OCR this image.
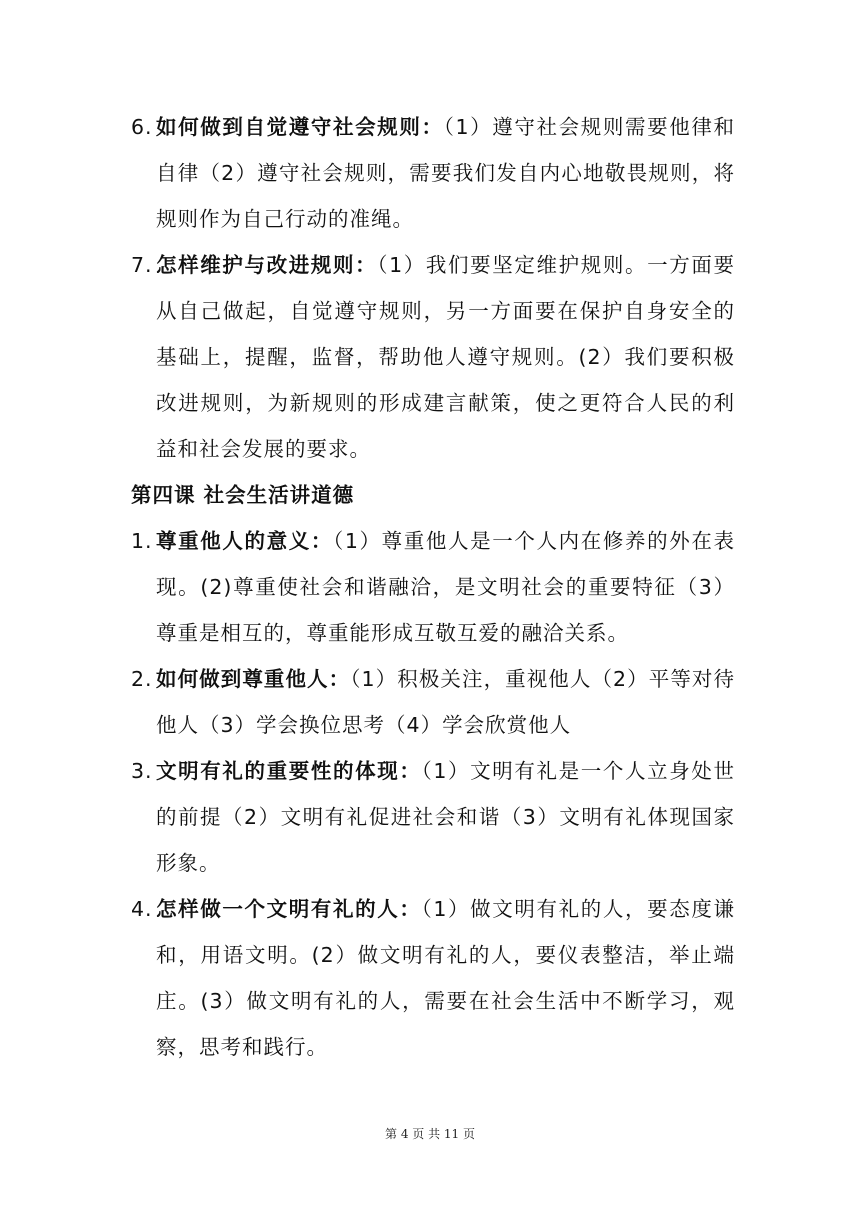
6. 如何做到自觉遵守社会规则：（1）遵守社会规则需要他律和自律（2）遵守社会规则，需要我们发自内心地敬畏规则，将规则作为自己行动的准绳。
7. 怎样维护与改进规则：（1）我们要坚定维护规则。一方面要从自己做起，自觉遵守规则，另一方面要在保护自身安全的基础上，提醒，监督，帮助他人遵守规则。(2）我们要积极改进规则，为新规则的形成建言献策，使之更符合人民的利益和社会发展的要求。
第四课 社会生活讲道德
1. 尊重他人的意义：（1）尊重他人是一个人内在修养的外在表现。(2)尊重使社会和谐融洽，是文明社会的重要特征（3）尊重是相互的，尊重能形成互敬互爱的融洽关系。
2. 如何做到尊重他人：（1）积极关注，重视他人（2）平等对待他人（3）学会换位思考（4）学会欣赏他人
3. 文明有礼的重要性的体现：（1）文明有礼是一个人立身处世的前提（2）文明有礼促进社会和谐（3）文明有礼体现国家形象。
4. 怎样做一个文明有礼的人：（1）做文明有礼的人，要态度谦和，用语文明。(2）做文明有礼的人，要仪表整洁，举止端庄。(3）做文明有礼的人，需要在社会生活中不断学习，观察，思考和践行。
第 4 页 共 11 页
